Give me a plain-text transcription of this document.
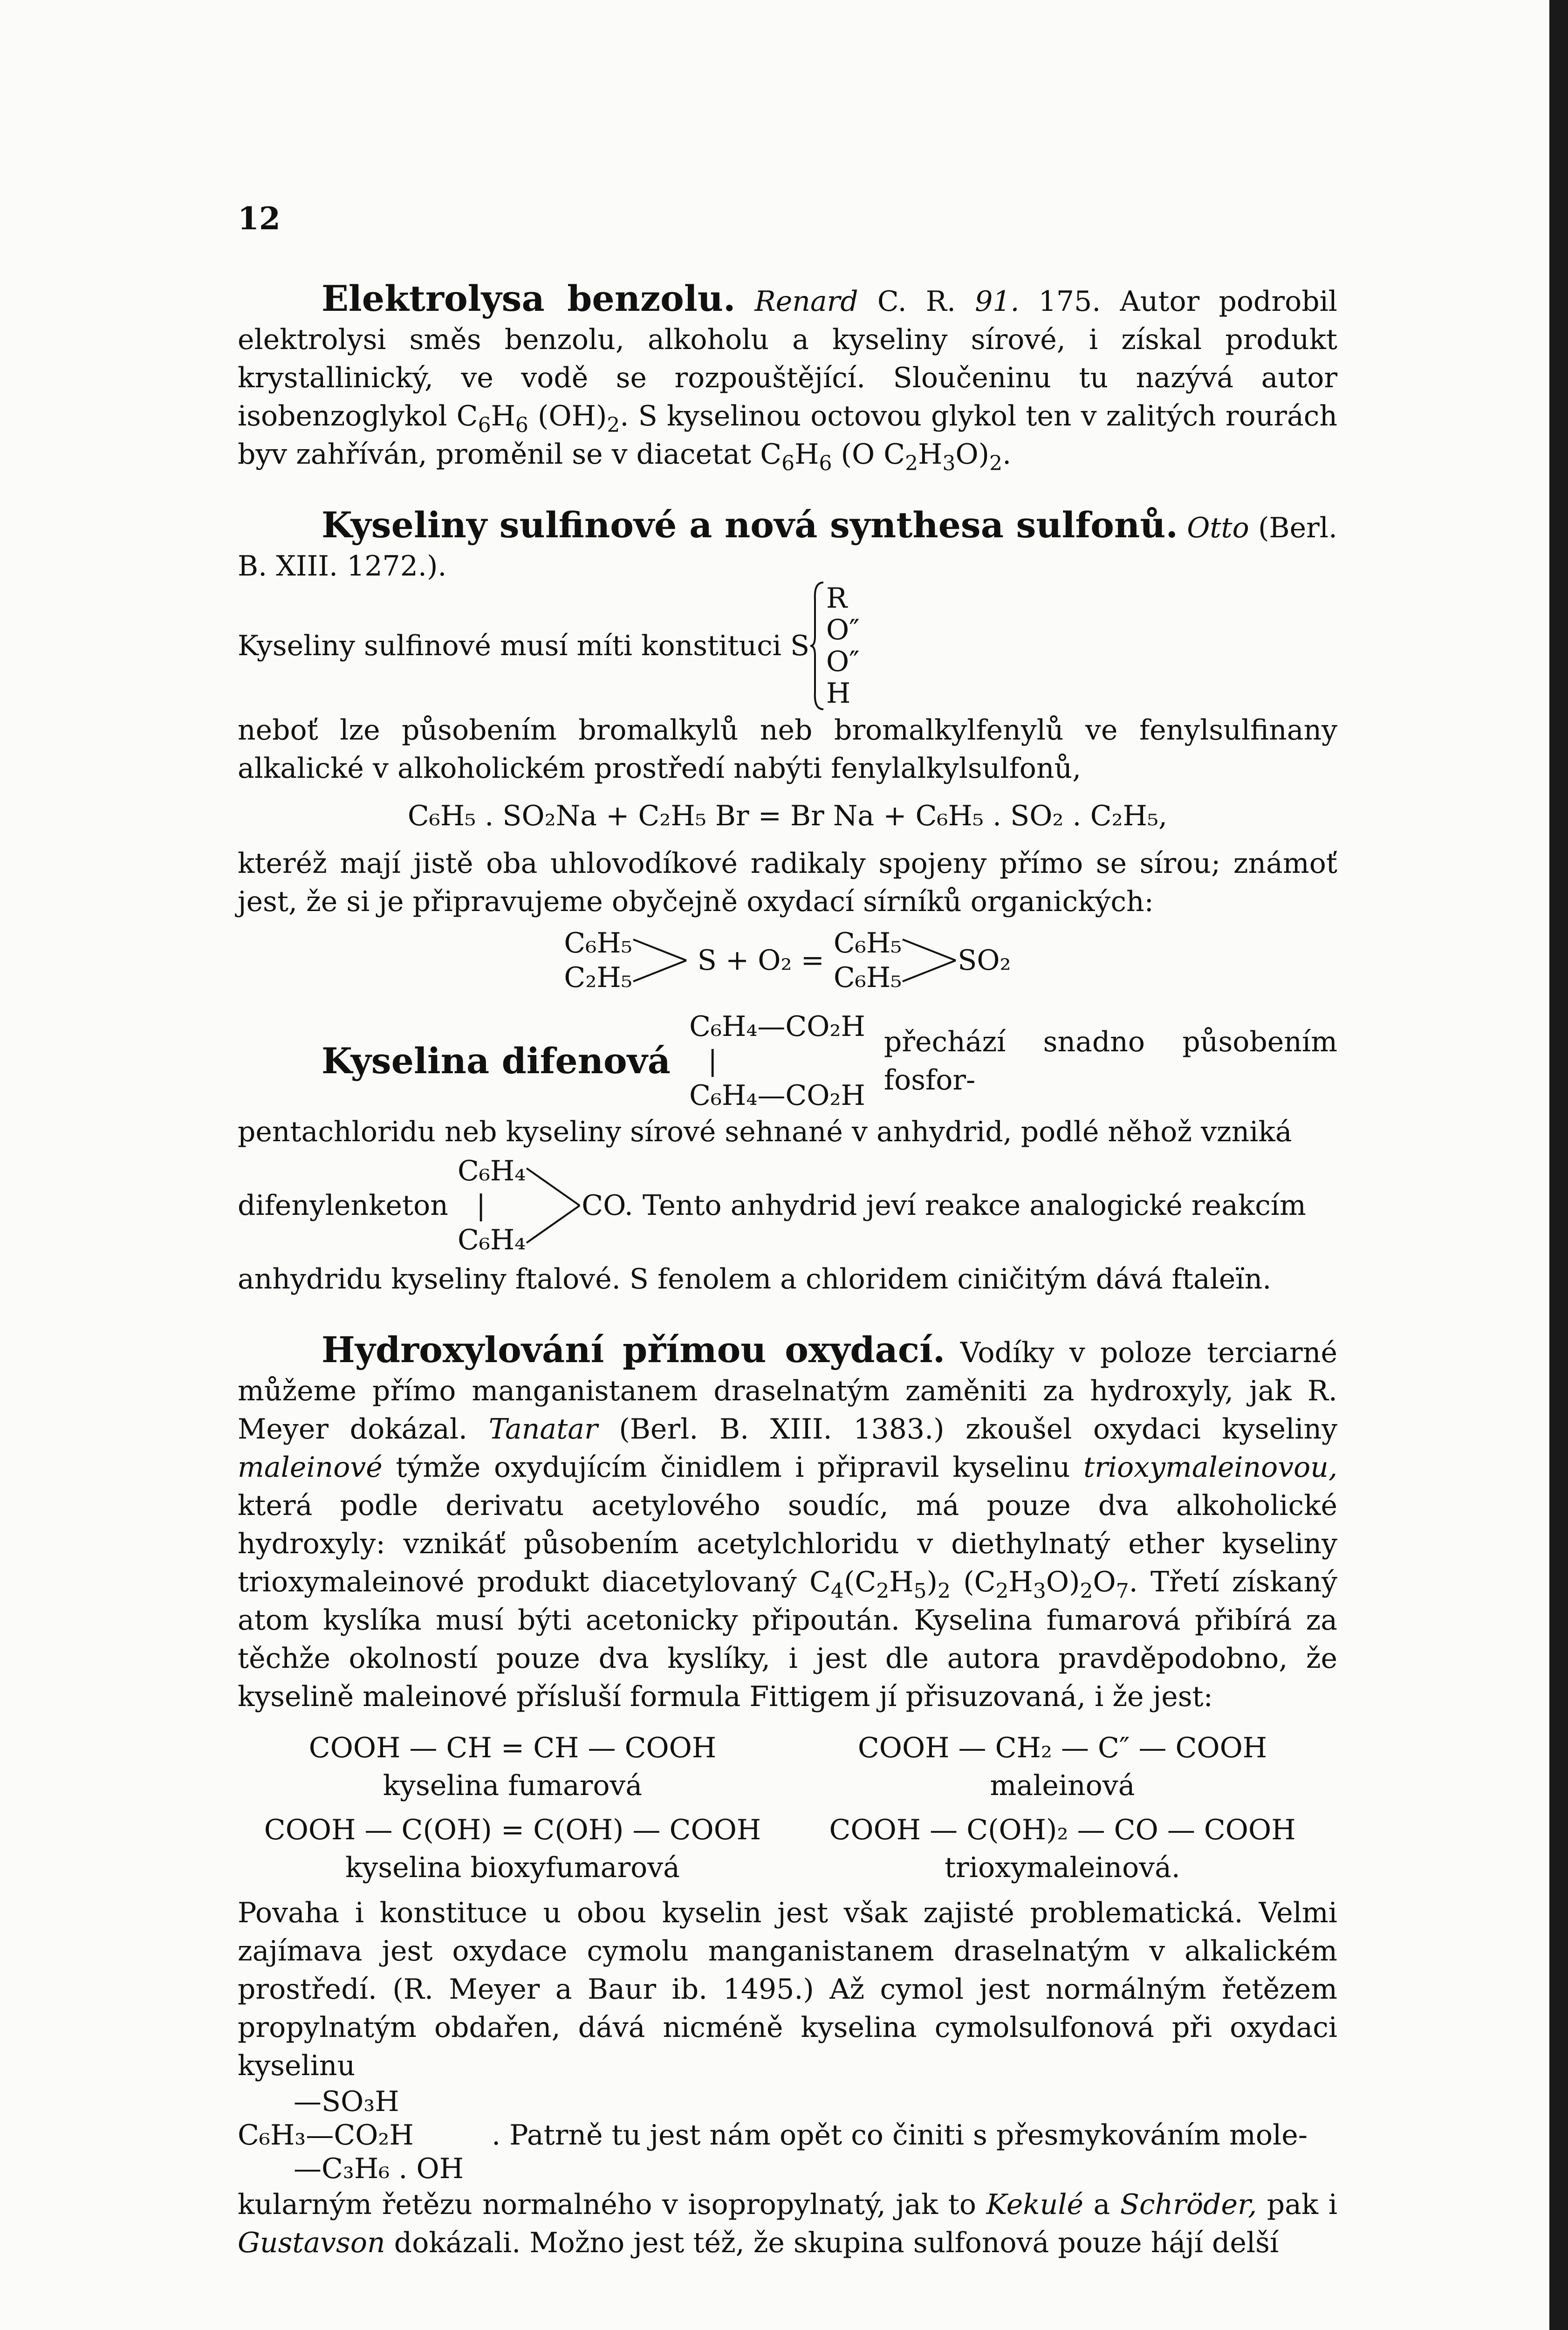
12

Elektrolysa benzolu. Renard C. R. 91. 175. Autor podrobil elektrolysi směs benzolu, alkoholu a kyseliny sírové, i získal produkt krystallinický, ve vodě se rozpouštějící. Sloučeninu tu nazývá autor isobenzoglykol $C_6H_6$ $(OH)_2$. S kyselinou octovou glykol ten v zalitých rourách byv zahříván, proměnil se v diacetat $C_6H_6$ (O $C_2H_3O)_2$.

Kyseliny sulfinové a nová synthesa sulfonů. Otto (Berl. B. XIII. 1272.).

Kyseliny sulfinové musí míti konstituci S
R
O″
O″
H

neboť lze působením bromalkylů neb bromalkylfenylů ve fenylsulfinany alkalické v alkoholickém prostředí nabýti fenylalkylsulfonů,

C₆H₅ . SO₂Na + C₂H₅ Br = Br Na + C₆H₅ . SO₂ . C₂H₅,

kteréž mají jistě oba uhlovodíkové radikaly spojeny přímo se sírou; známoť jest, že si je připravujeme obyčejně oxydací sírníků organických:

C₆H₅
C₂H₅
S + O₂ =
C₆H₅
C₆H₅
SO₂
Kyselina difenová
C₆H₄—CO₂H
|
C₆H₄—CO₂H
přechází snadno působením fosfor-

pentachloridu neb kyseliny sírové sehnané v anhydrid, podlé něhož vzniká

difenylenketon
C₆H₄
|
C₆H₄
CO. Tento anhydrid jeví reakce analogické reakcím

anhydridu kyseliny ftalové. S fenolem a chloridem ciničitým dává ftaleïn.

Hydroxylování přímou oxydací. Vodíky v poloze terciarné můžeme přímo manganistanem draselnatým zaměniti za hydroxyly, jak R. Meyer dokázal. Tanatar (Berl. B. XIII. 1383.) zkoušel oxydaci kyseliny maleinové týmže oxydujícím činidlem i připravil kyselinu trioxymaleinovou, která podle derivatu acetylového soudíc, má pouze dva alkoholické hydroxyly: vznikáť působením acetylchloridu v diethylnatý ether kyseliny trioxymaleinové produkt diacetylovaný $C_4(C_2H_5)_2$ $(C_2H_3O)_2O_7$. Třetí získaný atom kyslíka musí býti acetonicky připoután. Kyselina fumarová přibírá za těchže okolností pouze dva kyslíky, i jest dle autora pravděpodobno, že kyselině maleinové přísluší formula Fittigem jí přisuzovaná, i že jest:

COOH — CH = CH — COOH	COOH — CH₂ — C″ — COOH
kyselina fumarová	maleinová
COOH — C(OH) = C(OH) — COOH	COOH — C(OH)₂ — CO — COOH
kyselina bioxyfumarová	trioxymaleinová.

Povaha i konstituce u obou kyselin jest však zajisté problematická. Velmi zajímava jest oxydace cymolu manganistanem draselnatým v alkalickém prostředí. (R. Meyer a Baur ib. 1495.) Až cymol jest normálným řetězem propylnatým obdařen, dává nicméně kyselina cymolsulfonová při oxydaci kyselinu

—SO₃H
C₆H₃—CO₂H
—C₃H₆ . OH
. Patrně tu jest nám opět co činiti s přesmykováním mole-

kularným řetězu normalného v isopropylnatý, jak to Kekulé a Schröder, pak i Gustavson dokázali. Možno jest též, že skupina sulfonová pouze hájí delší
